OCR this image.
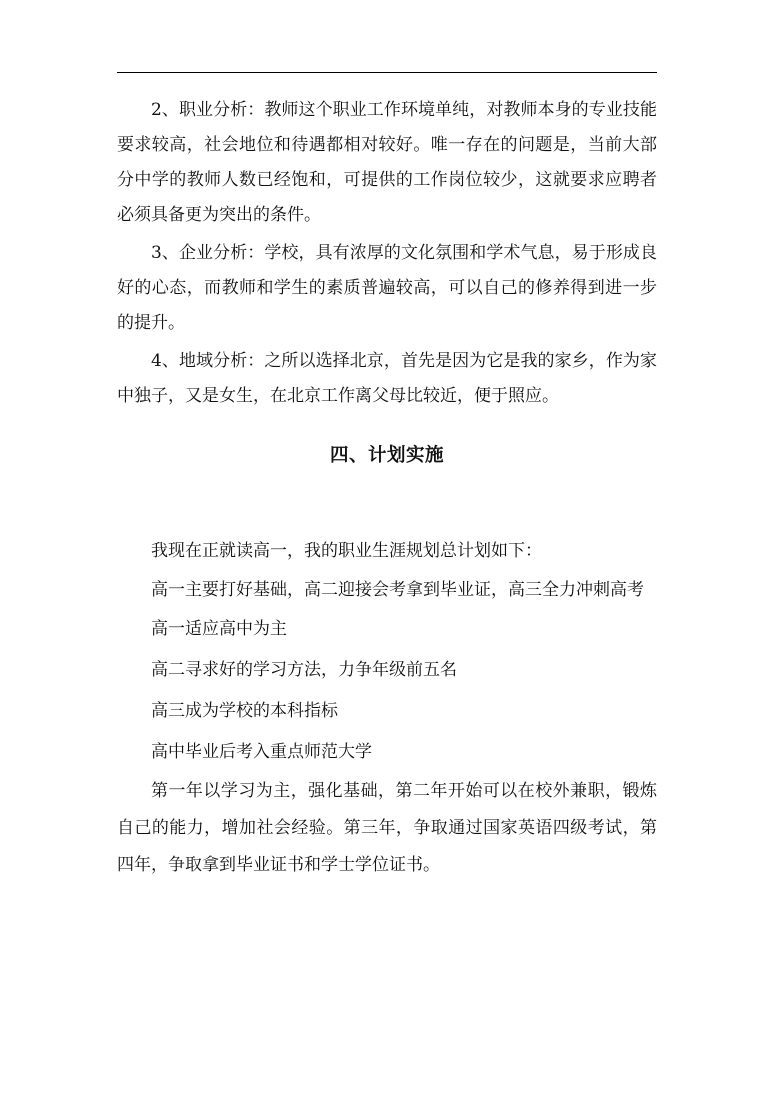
2、职业分析：教师这个职业工作环境单纯，对教师本身的专业技能要求较高，社会地位和待遇都相对较好。唯一存在的问题是，当前大部分中学的教师人数已经饱和，可提供的工作岗位较少，这就要求应聘者必须具备更为突出的条件。

3、企业分析：学校，具有浓厚的文化氛围和学术气息，易于形成良好的心态，而教师和学生的素质普遍较高，可以自己的修养得到进一步的提升。

4、地域分析：之所以选择北京，首先是因为它是我的家乡，作为家中独子，又是女生，在北京工作离父母比较近，便于照应。

四、计划实施

我现在正就读高一，我的职业生涯规划总计划如下：

高一主要打好基础，高二迎接会考拿到毕业证，高三全力冲刺高考

高一适应高中为主

高二寻求好的学习方法，力争年级前五名

高三成为学校的本科指标

高中毕业后考入重点师范大学

第一年以学习为主，强化基础，第二年开始可以在校外兼职，锻炼自己的能力，增加社会经验。第三年，争取通过国家英语四级考试，第四年，争取拿到毕业证书和学士学位证书。
